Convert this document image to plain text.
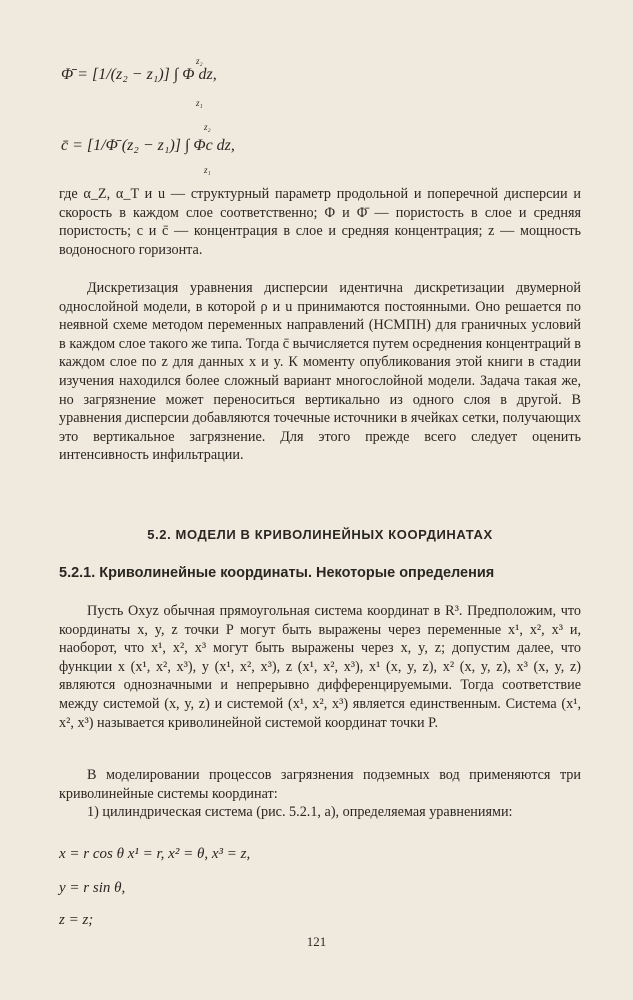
Φ̄ = [1/(z₂ − z₁)] ∫ Φ dz,
z₂
z₁
c̄ = [1/Φ̄ (z₂ − z₁)] ∫ Φc dz,
z₂
z₁

где α_Z, α_T и u — структурный параметр продольной и поперечной дисперсии и скорость в каждом слое соответственно; Φ и Φ̄ — пористость в слое и средняя пористость; c и c̄ — концентрация в слое и средняя концентрация; z — мощность водоносного горизонта.

Дискретизация уравнения дисперсии идентична дискретизации двумерной однослойной модели, в которой ρ и u принимаются постоянными. Оно решается по неявной схеме методом переменных направлений (НСМПН) для граничных условий в каждом слое такого же типа. Тогда c̄ вычисляется путем осреднения концентраций в каждом слое по z для данных x и y. К моменту опубликования этой книги в стадии изучения находился более сложный вариант многослойной модели. Задача такая же, но загрязнение может переноситься вертикально из одного слоя в другой. В уравнения дисперсии добавляются точечные источники в ячейках сетки, получающих это вертикальное загрязнение. Для этого прежде всего следует оценить интенсивность инфильтрации.

5.2. МОДЕЛИ В КРИВОЛИНЕЙНЫХ КООРДИНАТАХ
5.2.1. Криволинейные координаты. Некоторые определения

Пусть Oxyz обычная прямоугольная система координат в R³. Предположим, что координаты x, y, z точки P могут быть выражены через переменные x¹, x², x³ и, наоборот, что x¹, x², x³ могут быть выражены через x, y, z; допустим далее, что функции x (x¹, x², x³), y (x¹, x², x³), z (x¹, x², x³), x¹ (x, y, z), x² (x, y, z), x³ (x, y, z) являются однозначными и непрерывно дифференцируемыми. Тогда соответствие между системой (x, y, z) и системой (x¹, x², x³) является единственным. Система (x¹, x², x³) называется криволинейной системой координат точки P.

В моделировании процессов загрязнения подземных вод применяются три криволинейные системы координат:

1) цилиндрическая система (рис. 5.2.1, a), определяемая уравнениями:

x = r cos θ x¹ = r, x² = θ, x³ = z,
y = r sin θ,
z = z;
121
